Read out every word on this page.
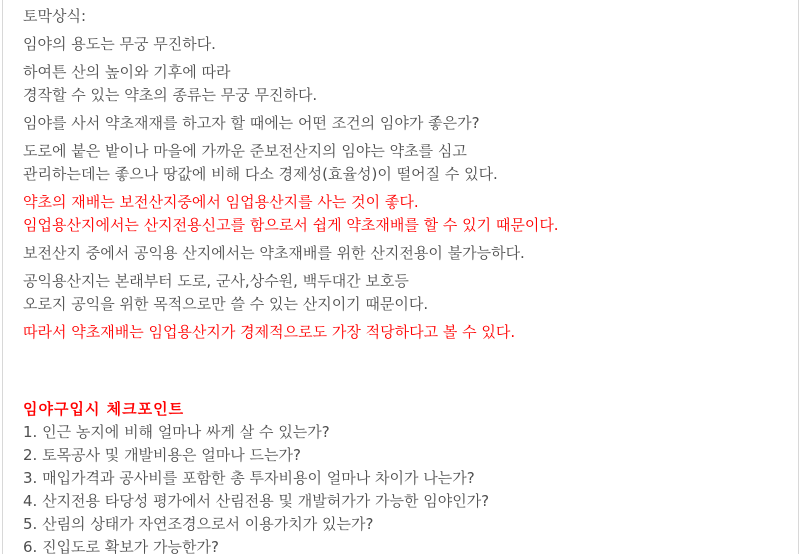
토막상식:
임야의 용도는 무궁 무진하다.
하여튼 산의 높이와 기후에 따라
경작할 수 있는 약초의 종류는 무궁 무진하다.
임야를 사서 약초재재를 하고자 할 때에는 어떤 조건의 임야가 좋은가?
도로에 붙은 밭이나 마을에 가까운 준보전산지의 임야는 약초를 심고
관리하는데는 좋으나 땅값에 비해 다소 경제성(효율성)이 떨어질 수 있다.
약초의 재배는 보전산지중에서 임업용산지를 사는 것이 좋다.
임업용산지에서는 산지전용신고를 함으로서 쉽게 약초재배를 할 수 있기 때문이다.
보전산지 중에서 공익용 산지에서는 약초재배를 위한 산지전용이 불가능하다.
공익용산지는 본래부터 도로, 군사,상수원, 백두대간 보호등
오로지 공익을 위한 목적으로만 쓸 수 있는 산지이기 때문이다.
따라서 약초재배는 임업용산지가 경제적으로도 가장 적당하다고 볼 수 있다.
임야구입시 체크포인트
1. 인근 농지에 비해 얼마나 싸게 살 수 있는가?
2. 토목공사 및 개발비용은 얼마나 드는가?
3. 매입가격과 공사비를 포함한 총 투자비용이 얼마나 차이가 나는가?
4. 산지전용 타당성 평가에서 산림전용 및 개발허가가 가능한 임야인가?
5. 산림의 상태가 자연조경으로서 이용가치가 있는가?
6. 진입도로 확보가 가능한가?
